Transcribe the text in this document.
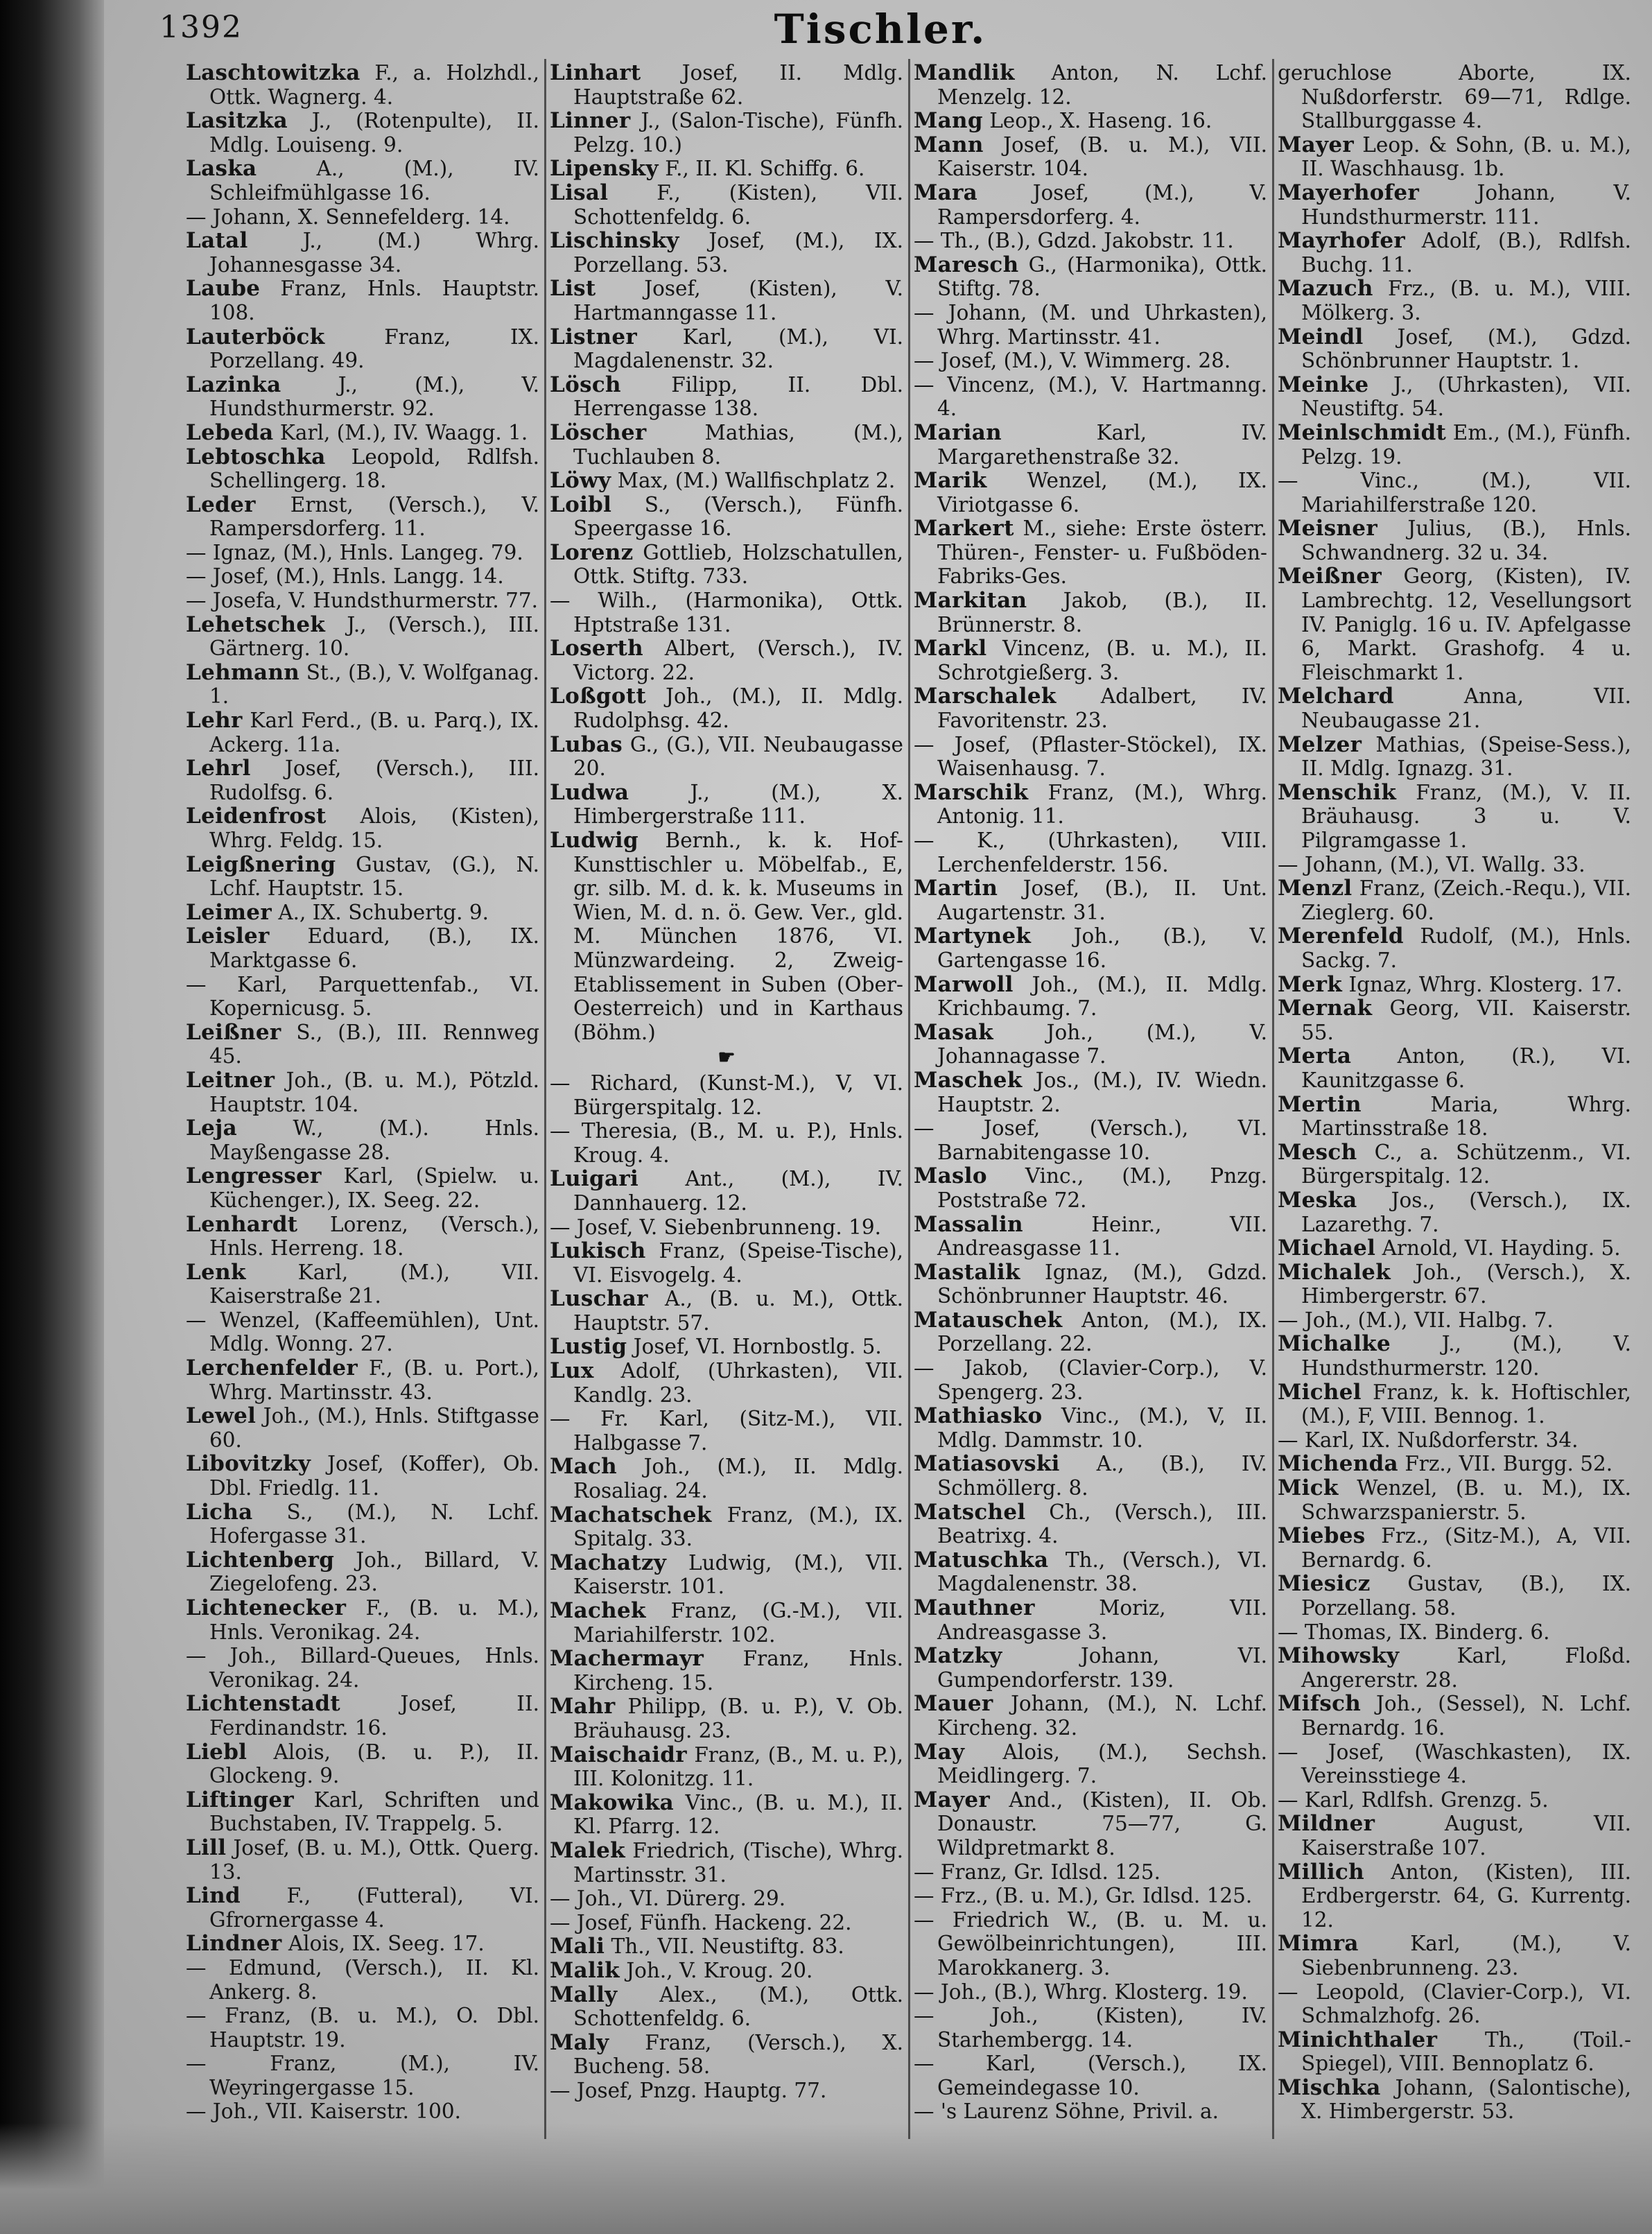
1392	Tischler.

Laschtowitzka F., a. Holzhdl., Ottk. Wagnerg. 4.

Lasitzka J., (Rotenpulte), II. Mdlg. Louiseng. 9.

Laska A., (M.), IV. Schleifmühlgasse 16.

— Johann, X. Sennefelderg. 14.

Latal J., (M.) Whrg. Johannesgasse 34.

Laube Franz, Hnls. Hauptstr. 108.

Lauterböck Franz, IX. Porzellang. 49.

Lazinka J., (M.), V. Hundsthurmerstr. 92.

Lebeda Karl, (M.), IV. Waagg. 1.

Lebtoschka Leopold, Rdlfsh. Schellingerg. 18.

Leder Ernst, (Versch.), V. Rampersdorferg. 11.

— Ignaz, (M.), Hnls. Langeg. 79.

— Josef, (M.), Hnls. Langg. 14.

— Josefa, V. Hundsthurmerstr. 77.

Lehetschek J., (Versch.), III. Gärtnerg. 10.

Lehmann St., (B.), V. Wolfganag. 1.

Lehr Karl Ferd., (B. u. Parq.), IX. Ackerg. 11a.

Lehrl Josef, (Versch.), III. Rudolfsg. 6.

Leidenfrost Alois, (Kisten), Whrg. Feldg. 15.

Leigßnering Gustav, (G.), N. Lchf. Hauptstr. 15.

Leimer A., IX. Schubertg. 9.

Leisler Eduard, (B.), IX. Marktgasse 6.

— Karl, Parquettenfab., VI. Kopernicusg. 5.

Leißner S., (B.), III. Rennweg 45.

Leitner Joh., (B. u. M.), Pötzld. Hauptstr. 104.

Leja W., (M.). Hnls. Mayßengasse 28.

Lengresser Karl, (Spielw. u. Küchenger.), IX. Seeg. 22.

Lenhardt Lorenz, (Versch.), Hnls. Herreng. 18.

Lenk Karl, (M.), VII. Kaiserstraße 21.

— Wenzel, (Kaffeemühlen), Unt. Mdlg. Wonng. 27.

Lerchenfelder F., (B. u. Port.), Whrg. Martinsstr. 43.

Lewel Joh., (M.), Hnls. Stiftgasse 60.

Libovitzky Josef, (Koffer), Ob. Dbl. Friedlg. 11.

Licha S., (M.), N. Lchf. Hofergasse 31.

Lichtenberg Joh., Billard, V. Ziegelofeng. 23.

Lichtenecker F., (B. u. M.), Hnls. Veronikag. 24.

— Joh., Billard-Queues, Hnls. Veronikag. 24.

Lichtenstadt Josef, II. Ferdinandstr. 16.

Liebl Alois, (B. u. P.), II. Glockeng. 9.

Liftinger Karl, Schriften und Buchstaben, IV. Trappelg. 5.

Lill Josef, (B. u. M.), Ottk. Querg. 13.

Lind F., (Futteral), VI. Gfrornergasse 4.

Lindner Alois, IX. Seeg. 17.

— Edmund, (Versch.), II. Kl. Ankerg. 8.

— Franz, (B. u. M.), O. Dbl. Hauptstr. 19.

— Franz, (M.), IV. Weyringergasse 15.

— Joh., VII. Kaiserstr. 100.

Linhart Josef, II. Mdlg. Hauptstraße 62.

Linner J., (Salon-Tische), Fünfh. Pelzg. 10.)

Lipensky F., II. Kl. Schiffg. 6.

Lisal F., (Kisten), VII. Schottenfeldg. 6.

Lischinsky Josef, (M.), IX. Porzellang. 53.

List Josef, (Kisten), V. Hartmanngasse 11.

Listner Karl, (M.), VI. Magdalenenstr. 32.

Lösch Filipp, II. Dbl. Herrengasse 138.

Löscher Mathias, (M.), Tuchlauben 8.

Löwy Max, (M.) Wallfischplatz 2.

Loibl S., (Versch.), Fünfh. Speergasse 16.

Lorenz Gottlieb, Holzschatullen, Ottk. Stiftg. 733.

— Wilh., (Harmonika), Ottk. Hptstraße 131.

Loserth Albert, (Versch.), IV. Victorg. 22.

Loßgott Joh., (M.), II. Mdlg. Rudolphsg. 42.

Lubas G., (G.), VII. Neubaugasse 20.

Ludwa J., (M.), X. Himbergerstraße 111.

Ludwig Bernh., k. k. Hof-Kunsttischler u. Möbelfab., E, gr. silb. M. d. k. k. Museums in Wien, M. d. n. ö. Gew. Ver., gld. M. München 1876, VI. Münzwardeing. 2, Zweig-Etablissement in Suben (Ober-Oesterreich) und in Karthaus (Böhm.)

☛

— Richard, (Kunst-M.), V, VI. Bürgerspitalg. 12.

— Theresia, (B., M. u. P.), Hnls. Kroug. 4.

Luigari Ant., (M.), IV. Dannhauerg. 12.

— Josef, V. Siebenbrunneng. 19.

Lukisch Franz, (Speise-Tische), VI. Eisvogelg. 4.

Luschar A., (B. u. M.), Ottk. Hauptstr. 57.

Lustig Josef, VI. Hornbostlg. 5.

Lux Adolf, (Uhrkasten), VII. Kandlg. 23.

— Fr. Karl, (Sitz-M.), VII. Halbgasse 7.

Mach Joh., (M.), II. Mdlg. Rosaliag. 24.

Machatschek Franz, (M.), IX. Spitalg. 33.

Machatzy Ludwig, (M.), VII. Kaiserstr. 101.

Machek Franz, (G.-M.), VII. Mariahilferstr. 102.

Machermayr Franz, Hnls. Kircheng. 15.

Mahr Philipp, (B. u. P.), V. Ob. Bräuhausg. 23.

Maischaidr Franz, (B., M. u. P.), III. Kolonitzg. 11.

Makowika Vinc., (B. u. M.), II. Kl. Pfarrg. 12.

Malek Friedrich, (Tische), Whrg. Martinsstr. 31.

— Joh., VI. Dürerg. 29.

— Josef, Fünfh. Hackeng. 22.

Mali Th., VII. Neustiftg. 83.

Malik Joh., V. Kroug. 20.

Mally Alex., (M.), Ottk. Schottenfeldg. 6.

Maly Franz, (Versch.), X. Bucheng. 58.

— Josef, Pnzg. Hauptg. 77.

Mandlik Anton, N. Lchf. Menzelg. 12.

Mang Leop., X. Haseng. 16.

Mann Josef, (B. u. M.), VII. Kaiserstr. 104.

Mara Josef, (M.), V. Rampersdorferg. 4.

— Th., (B.), Gdzd. Jakobstr. 11.

Maresch G., (Harmonika), Ottk. Stiftg. 78.

— Johann, (M. und Uhrkasten), Whrg. Martinsstr. 41.

— Josef, (M.), V. Wimmerg. 28.

— Vincenz, (M.), V. Hartmanng. 4.

Marian Karl, IV. Margarethenstraße 32.

Marik Wenzel, (M.), IX. Viriotgasse 6.

Markert M., siehe: Erste österr. Thüren-, Fenster- u. Fußböden-Fabriks-Ges.

Markitan Jakob, (B.), II. Brünnerstr. 8.

Markl Vincenz, (B. u. M.), II. Schrotgießerg. 3.

Marschalek Adalbert, IV. Favoritenstr. 23.

— Josef, (Pflaster-Stöckel), IX. Waisenhausg. 7.

Marschik Franz, (M.), Whrg. Antonig. 11.

— K., (Uhrkasten), VIII. Lerchenfelderstr. 156.

Martin Josef, (B.), II. Unt. Augartenstr. 31.

Martynek Joh., (B.), V. Gartengasse 16.

Marwoll Joh., (M.), II. Mdlg. Krichbaumg. 7.

Masak Joh., (M.), V. Johannagasse 7.

Maschek Jos., (M.), IV. Wiedn. Hauptstr. 2.

— Josef, (Versch.), VI. Barnabitengasse 10.

Maslo Vinc., (M.), Pnzg. Poststraße 72.

Massalin Heinr., VII. Andreasgasse 11.

Mastalik Ignaz, (M.), Gdzd. Schönbrunner Hauptstr. 46.

Matauschek Anton, (M.), IX. Porzellang. 22.

— Jakob, (Clavier-Corp.), V. Spengerg. 23.

Mathiasko Vinc., (M.), V, II. Mdlg. Dammstr. 10.

Matiasovski A., (B.), IV. Schmöllerg. 8.

Matschel Ch., (Versch.), III. Beatrixg. 4.

Matuschka Th., (Versch.), VI. Magdalenenstr. 38.

Mauthner Moriz, VII. Andreasgasse 3.

Matzky Johann, VI. Gumpendorferstr. 139.

Mauer Johann, (M.), N. Lchf. Kircheng. 32.

May Alois, (M.), Sechsh. Meidlingerg. 7.

Mayer And., (Kisten), II. Ob. Donaustr. 75—77, G. Wildpretmarkt 8.

— Franz, Gr. Idlsd. 125.

— Frz., (B. u. M.), Gr. Idlsd. 125.

— Friedrich W., (B. u. M. u. Gewölbeinrichtungen), III. Marokkanerg. 3.

— Joh., (B.), Whrg. Klosterg. 19.

— Joh., (Kisten), IV. Starhembergg. 14.

— Karl, (Versch.), IX. Gemeindegasse 10.

— 's Laurenz Söhne, Privil. a.

geruchlose Aborte, IX. Nußdorferstr. 69—71, Rdlge. Stallburggasse 4.

Mayer Leop. & Sohn, (B. u. M.), II. Waschhausg. 1b.

Mayerhofer Johann, V. Hundsthurmerstr. 111.

Mayrhofer Adolf, (B.), Rdlfsh. Buchg. 11.

Mazuch Frz., (B. u. M.), VIII. Mölkerg. 3.

Meindl Josef, (M.), Gdzd. Schönbrunner Hauptstr. 1.

Meinke J., (Uhrkasten), VII. Neustiftg. 54.

Meinlschmidt Em., (M.), Fünfh. Pelzg. 19.

— Vinc., (M.), VII. Mariahilferstraße 120.

Meisner Julius, (B.), Hnls. Schwandnerg. 32 u. 34.

Meißner Georg, (Kisten), IV. Lambrechtg. 12, Vesellungsort IV. Paniglg. 16 u. IV. Apfelgasse 6, Markt. Grashofg. 4 u. Fleischmarkt 1.

Melchard Anna, VII. Neubaugasse 21.

Melzer Mathias, (Speise-Sess.), II. Mdlg. Ignazg. 31.

Menschik Franz, (M.), V. II. Bräuhausg. 3 u. V. Pilgramgasse 1.

— Johann, (M.), VI. Wallg. 33.

Menzl Franz, (Zeich.-Requ.), VII. Zieglerg. 60.

Merenfeld Rudolf, (M.), Hnls. Sackg. 7.

Merk Ignaz, Whrg. Klosterg. 17.

Mernak Georg, VII. Kaiserstr. 55.

Merta Anton, (R.), VI. Kaunitzgasse 6.

Mertin Maria, Whrg. Martinsstraße 18.

Mesch C., a. Schützenm., VI. Bürgerspitalg. 12.

Meska Jos., (Versch.), IX. Lazarethg. 7.

Michael Arnold, VI. Hayding. 5.

Michalek Joh., (Versch.), X. Himbergerstr. 67.

— Joh., (M.), VII. Halbg. 7.

Michalke J., (M.), V. Hundsthurmerstr. 120.

Michel Franz, k. k. Hoftischler, (M.), F, VIII. Bennog. 1.

— Karl, IX. Nußdorferstr. 34.

Michenda Frz., VII. Burgg. 52.

Mick Wenzel, (B. u. M.), IX. Schwarzspanierstr. 5.

Miebes Frz., (Sitz-M.), A, VII. Bernardg. 6.

Miesicz Gustav, (B.), IX. Porzellang. 58.

— Thomas, IX. Binderg. 6.

Mihowsky Karl, Floßd. Angererstr. 28.

Mifsch Joh., (Sessel), N. Lchf. Bernardg. 16.

— Josef, (Waschkasten), IX. Vereinsstiege 4.

— Karl, Rdlfsh. Grenzg. 5.

Mildner August, VII. Kaiserstraße 107.

Millich Anton, (Kisten), III. Erdbergerstr. 64, G. Kurrentg. 12.

Mimra Karl, (M.), V. Siebenbrunneng. 23.

— Leopold, (Clavier-Corp.), VI. Schmalzhofg. 26.

Minichthaler Th., (Toil.-Spiegel), VIII. Bennoplatz 6.

Mischka Johann, (Salontische), X. Himbergerstr. 53.
